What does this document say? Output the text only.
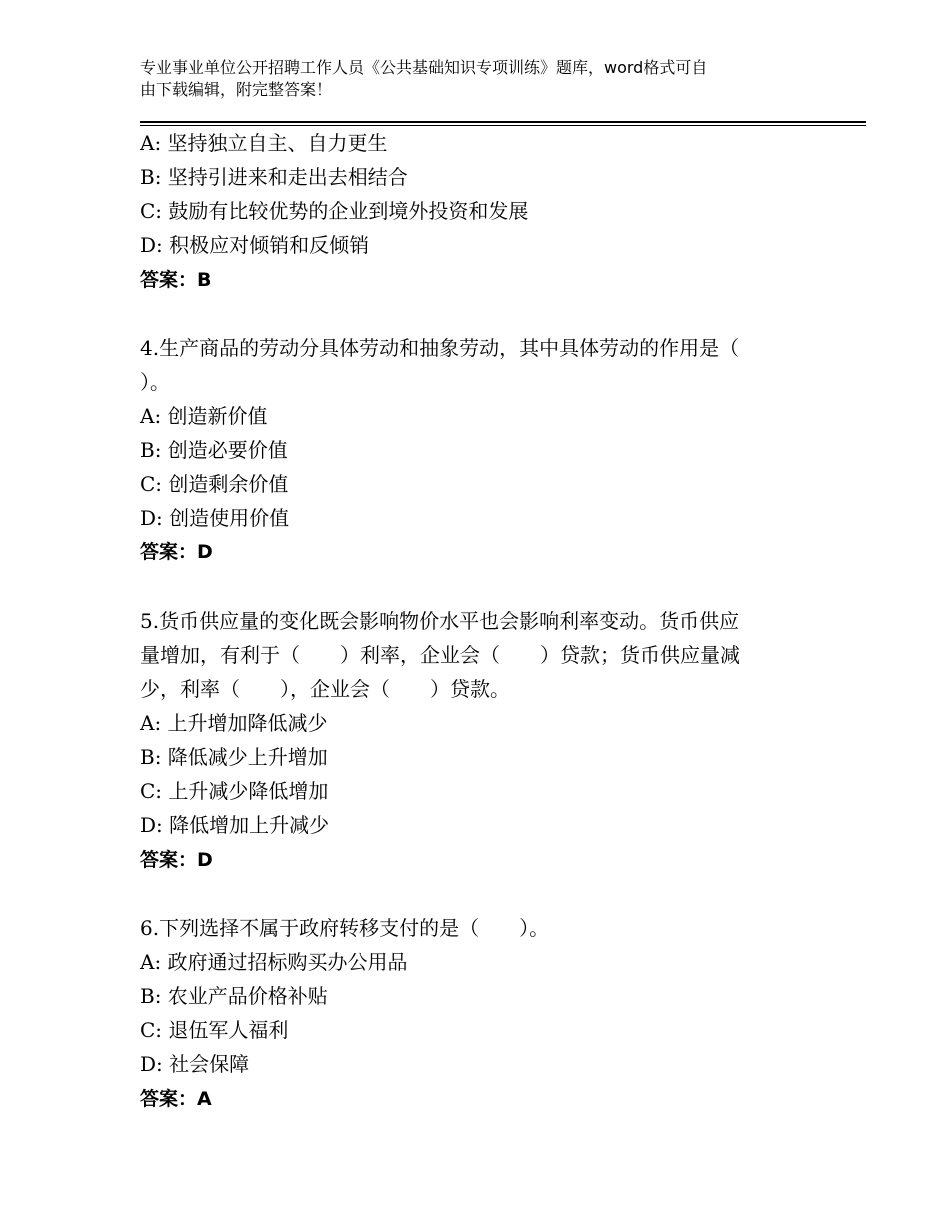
专业事业单位公开招聘工作人员《公共基础知识专项训练》题库，word格式可自
由下载编辑，附完整答案！
A: 坚持独立自主、自力更生
B: 坚持引进来和走出去相结合
C: 鼓励有比较优势的企业到境外投资和发展
D: 积极应对倾销和反倾销
答案：B
4.生产商品的劳动分具体劳动和抽象劳动，其中具体劳动的作用是（
）。
A: 创造新价值
B: 创造必要价值
C: 创造剩余价值
D: 创造使用价值
答案：D
5.货币供应量的变化既会影响物价水平也会影响利率变动。货币供应
量增加，有利于（　　）利率，企业会（　　）贷款；货币供应量减
少，利率（　　），企业会（　　）贷款。
A: 上升增加降低减少
B: 降低减少上升增加
C: 上升减少降低增加
D: 降低增加上升减少
答案：D
6.下列选择不属于政府转移支付的是（　　）。
A: 政府通过招标购买办公用品
B: 农业产品价格补贴
C: 退伍军人福利
D: 社会保障
答案：A
